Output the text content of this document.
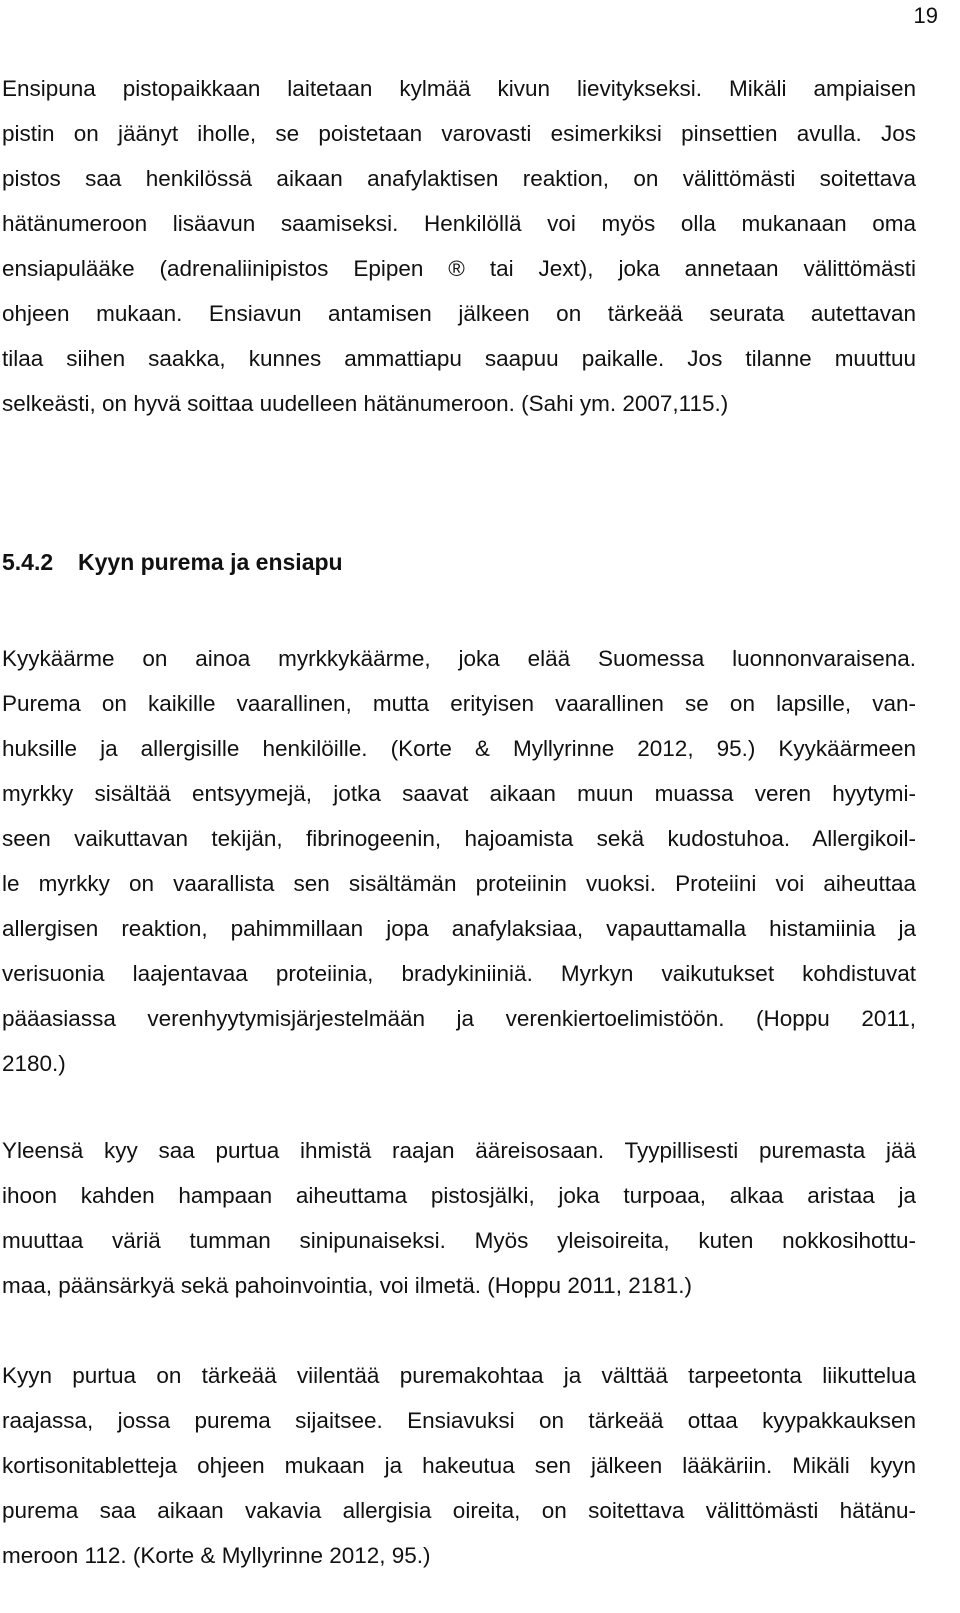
19
Ensipuna pistopaikkaan laitetaan kylmää kivun lievitykseksi. Mikäli ampiaisen
pistin on jäänyt iholle, se poistetaan varovasti esimerkiksi pinsettien avulla. Jos
pistos saa henkilössä aikaan anafylaktisen reaktion, on välittömästi soitettava
hätänumeroon lisäavun saamiseksi. Henkilöllä voi myös olla mukanaan oma
ensiapulääke (adrenaliinipistos Epipen ® tai Jext), joka annetaan välittömästi
ohjeen mukaan. Ensiavun antamisen jälkeen on tärkeää seurata autettavan
tilaa siihen saakka, kunnes ammattiapu saapuu paikalle. Jos tilanne muuttuu
selkeästi, on hyvä soittaa uudelleen hätänumeroon. (Sahi ym. 2007,115.)
5.4.2 Kyyn purema ja ensiapu
Kyykäärme on ainoa myrkkykäärme, joka elää Suomessa luonnonvaraisena.
Purema on kaikille vaarallinen, mutta erityisen vaarallinen se on lapsille, van-
huksille ja allergisille henkilöille. (Korte & Myllyrinne 2012, 95.) Kyykäärmeen
myrkky sisältää entsyymejä, jotka saavat aikaan muun muassa veren hyytymi-
seen vaikuttavan tekijän, fibrinogeenin, hajoamista sekä kudostuhoa. Allergikoil-
le myrkky on vaarallista sen sisältämän proteiinin vuoksi. Proteiini voi aiheuttaa
allergisen reaktion, pahimmillaan jopa anafylaksiaa, vapauttamalla histamiinia ja
verisuonia laajentavaa proteiinia, bradykiniiniä. Myrkyn vaikutukset kohdistuvat
pääasiassa verenhyytymisjärjestelmään ja verenkiertoelimistöön. (Hoppu 2011,
2180.)
Yleensä kyy saa purtua ihmistä raajan ääreisosaan. Tyypillisesti puremasta jää
ihoon kahden hampaan aiheuttama pistosjälki, joka turpoaa, alkaa aristaa ja
muuttaa väriä tumman sinipunaiseksi. Myös yleisoireita, kuten nokkosihottu-
maa, päänsärkyä sekä pahoinvointia, voi ilmetä. (Hoppu 2011, 2181.)
Kyyn purtua on tärkeää viilentää puremakohtaa ja välttää tarpeetonta liikuttelua
raajassa, jossa purema sijaitsee. Ensiavuksi on tärkeää ottaa kyypakkauksen
kortisonitabletteja ohjeen mukaan ja hakeutua sen jälkeen lääkäriin. Mikäli kyyn
purema saa aikaan vakavia allergisia oireita, on soitettava välittömästi hätänu-
meroon 112. (Korte & Myllyrinne 2012, 95.)
